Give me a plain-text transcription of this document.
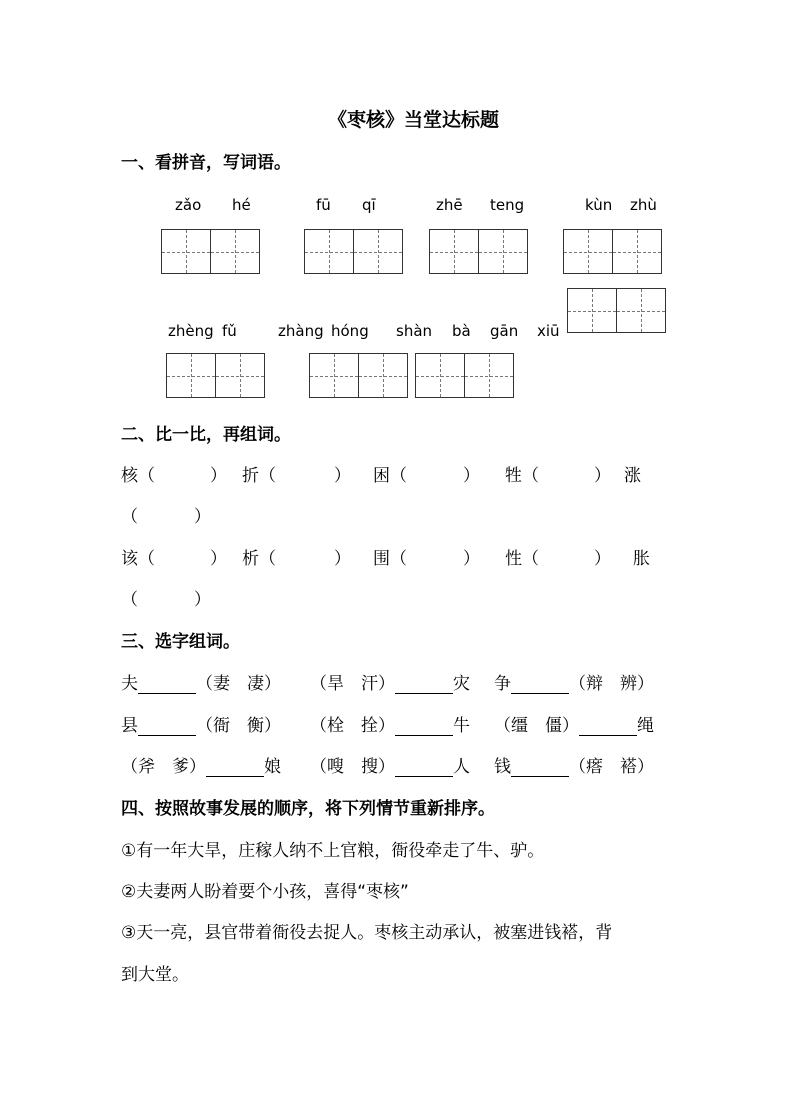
《枣核》当堂达标题
一、看拼音，写词语。
zǎo hé	fū qī	zhē teng	kùn zhù
zhèng fǔ	zhàng hóng shàn bà gān xiū
二、比一比，再组词。
核（	） 折（	） 困（	） 牲（	） 涨
（	）
该（	） 析（	） 围（	） 性（	） 胀
（	）
三、选字组词。
夫	（妻　凄） （旱　汗）	灾 争	（辩　辨）
县	（衙　衡） （栓　拴）	牛 （缰　僵）	绳
（斧　爹）	娘 （嗖　搜）	人 钱	（瘩　褡）
四、按照故事发展的顺序，将下列情节重新排序。
①有一年大旱，庄稼人纳不上官粮，衙役牵走了牛、驴。
②夫妻两人盼着要个小孩，喜得“枣核”
③天一亮，县官带着衙役去捉人。枣核主动承认，被塞进钱褡，背
到大堂。
